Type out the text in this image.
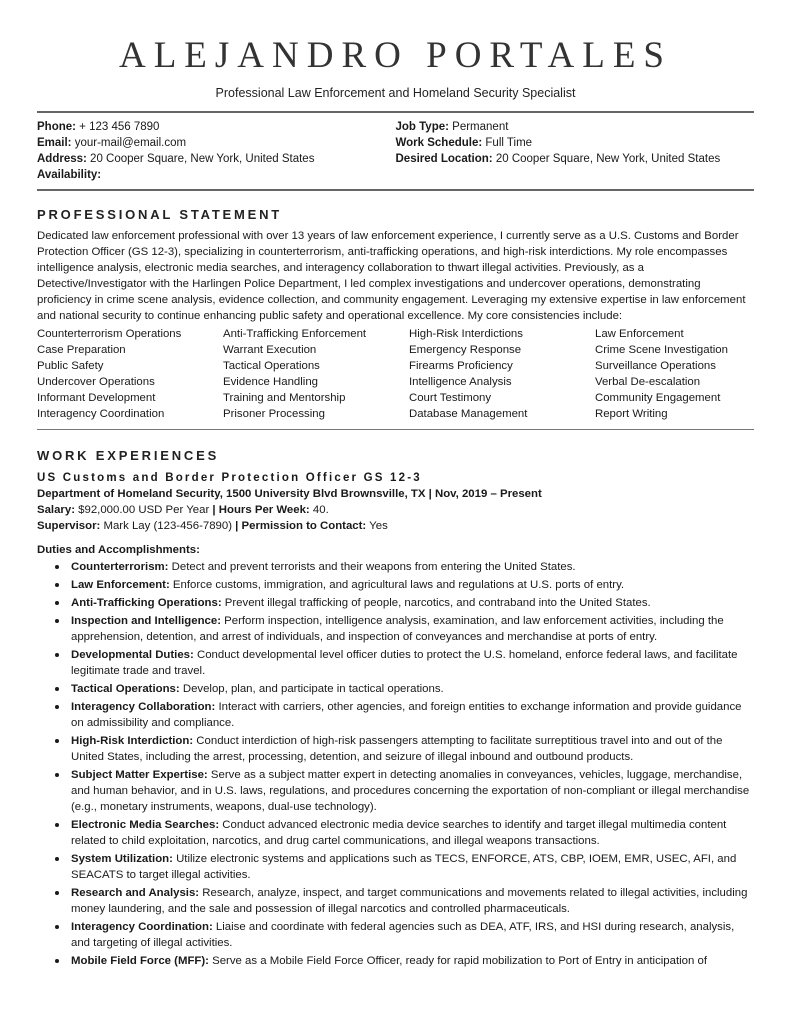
ALEJANDRO PORTALES
Professional Law Enforcement and Homeland Security Specialist
Phone: + 123 456 7890
Email: your-mail@email.com
Address: 20 Cooper Square, New York, United States
Availability:
Job Type: Permanent
Work Schedule: Full Time
Desired Location: 20 Cooper Square, New York, United States
PROFESSIONAL STATEMENT

Dedicated law enforcement professional with over 13 years of law enforcement experience, I currently serve as a U.S. Customs and Border Protection Officer (GS 12-3), specializing in counterterrorism, anti-trafficking operations, and high-risk interdictions. My role encompasses intelligence analysis, electronic media searches, and interagency collaboration to thwart illegal activities. Previously, as a Detective/Investigator with the Harlingen Police Department, I led complex investigations and undercover operations, demonstrating proficiency in crime scene analysis, evidence collection, and community engagement. Leveraging my extensive expertise in law enforcement and national security to continue enhancing public safety and operational excellence. My core consistencies include:

Counterterrorism Operations	Anti-Trafficking Enforcement	High-Risk Interdictions	Law Enforcement
Case Preparation	Warrant Execution	Emergency Response	Crime Scene Investigation
Public Safety	Tactical Operations	Firearms Proficiency	Surveillance Operations
Undercover Operations	Evidence Handling	Intelligence Analysis	Verbal De-escalation
Informant Development	Training and Mentorship	Court Testimony	Community Engagement
Interagency Coordination	Prisoner Processing	Database Management	Report Writing
WORK EXPERIENCES
US Customs and Border Protection Officer GS 12-3
Department of Homeland Security, 1500 University Blvd Brownsville, TX | Nov, 2019 – Present
Salary: $92,000.00 USD Per Year | Hours Per Week: 40.
Supervisor: Mark Lay (123-456-7890) | Permission to Contact: Yes
Duties and Accomplishments:
• Counterterrorism: Detect and prevent terrorists and their weapons from entering the United States.
• Law Enforcement: Enforce customs, immigration, and agricultural laws and regulations at U.S. ports of entry.
• Anti-Trafficking Operations: Prevent illegal trafficking of people, narcotics, and contraband into the United States.
• Inspection and Intelligence: Perform inspection, intelligence analysis, examination, and law enforcement activities, including the apprehension, detention, and arrest of individuals, and inspection of conveyances and merchandise at ports of entry.
• Developmental Duties: Conduct developmental level officer duties to protect the U.S. homeland, enforce federal laws, and facilitate legitimate trade and travel.
• Tactical Operations: Develop, plan, and participate in tactical operations.
• Interagency Collaboration: Interact with carriers, other agencies, and foreign entities to exchange information and provide guidance on admissibility and compliance.
• High-Risk Interdiction: Conduct interdiction of high-risk passengers attempting to facilitate surreptitious travel into and out of the United States, including the arrest, processing, detention, and seizure of illegal inbound and outbound products.
• Subject Matter Expertise: Serve as a subject matter expert in detecting anomalies in conveyances, vehicles, luggage, merchandise, and human behavior, and in U.S. laws, regulations, and procedures concerning the exportation of non-compliant or illegal merchandise (e.g., monetary instruments, weapons, dual-use technology).
• Electronic Media Searches: Conduct advanced electronic media device searches to identify and target illegal multimedia content related to child exploitation, narcotics, and drug cartel communications, and illegal weapons transactions.
• System Utilization: Utilize electronic systems and applications such as TECS, ENFORCE, ATS, CBP, IOEM, EMR, USEC, AFI, and SEACATS to target illegal activities.
• Research and Analysis: Research, analyze, inspect, and target communications and movements related to illegal activities, including money laundering, and the sale and possession of illegal narcotics and controlled pharmaceuticals.
• Interagency Coordination: Liaise and coordinate with federal agencies such as DEA, ATF, IRS, and HSI during research, analysis, and targeting of illegal activities.
• Mobile Field Force (MFF): Serve as a Mobile Field Force Officer, ready for rapid mobilization to Port of Entry in anticipation of
